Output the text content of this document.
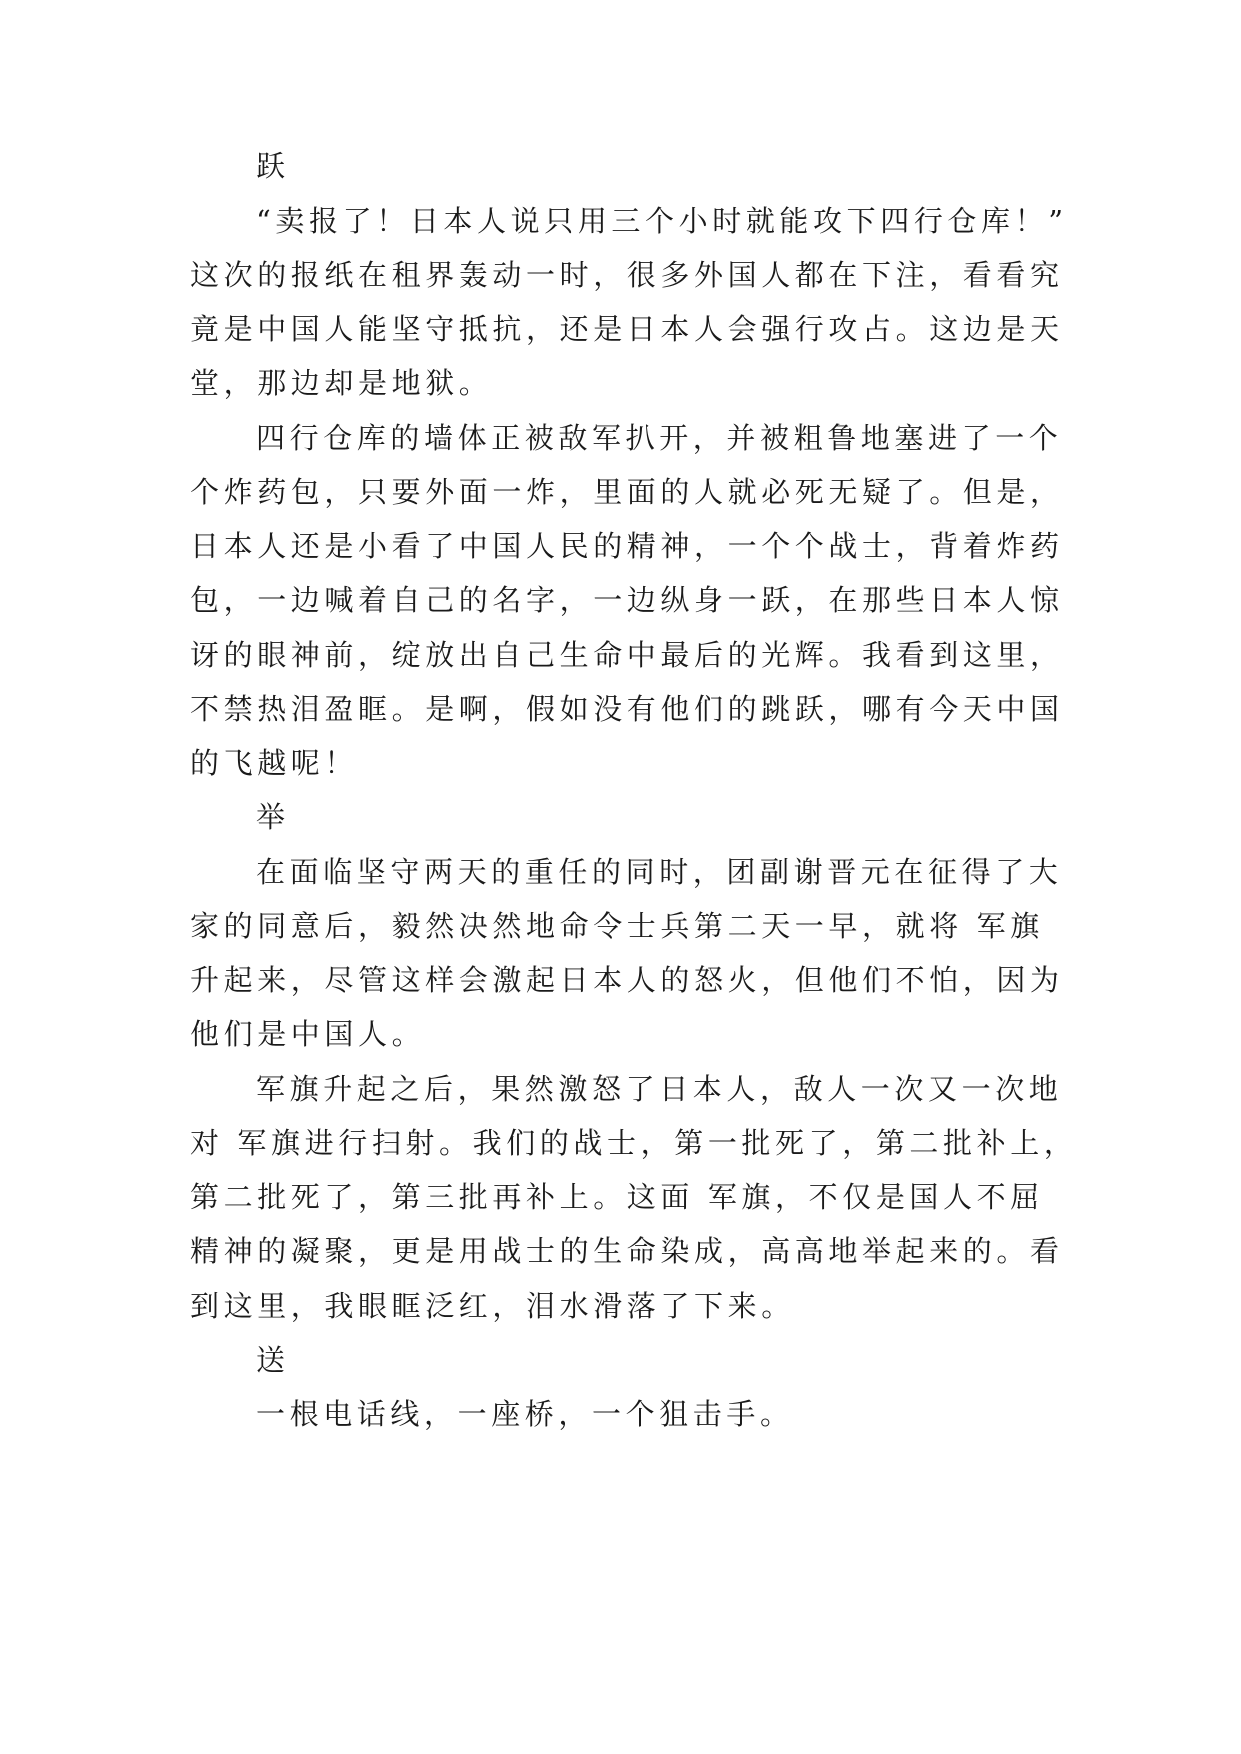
跃

“卖报了！日本人说只用三个小时就能攻下四行仓库！”

这次的报纸在租界轰动一时，很多外国人都在下注，看看究

竟是中国人能坚守抵抗，还是日本人会强行攻占。这边是天

堂，那边却是地狱。

四行仓库的墙体正被敌军扒开，并被粗鲁地塞进了一个

个炸药包，只要外面一炸，里面的人就必死无疑了。但是，

日本人还是小看了中国人民的精神，一个个战士，背着炸药

包，一边喊着自己的名字，一边纵身一跃，在那些日本人惊

讶的眼神前，绽放出自己生命中最后的光辉。我看到这里，

不禁热泪盈眶。是啊，假如没有他们的跳跃，哪有今天中国

的飞越呢！

举

在面临坚守两天的重任的同时，团副谢晋元在征得了大

家的同意后，毅然决然地命令士兵第二天一早，就将 军旗

升起来，尽管这样会激起日本人的怒火，但他们不怕，因为

他们是中国人。

军旗升起之后，果然激怒了日本人，敌人一次又一次地

对 军旗进行扫射。我们的战士，第一批死了，第二批补上，

第二批死了，第三批再补上。这面 军旗，不仅是国人不屈

精神的凝聚，更是用战士的生命染成，高高地举起来的。看

到这里，我眼眶泛红，泪水滑落了下来。

送

一根电话线，一座桥，一个狙击手。
